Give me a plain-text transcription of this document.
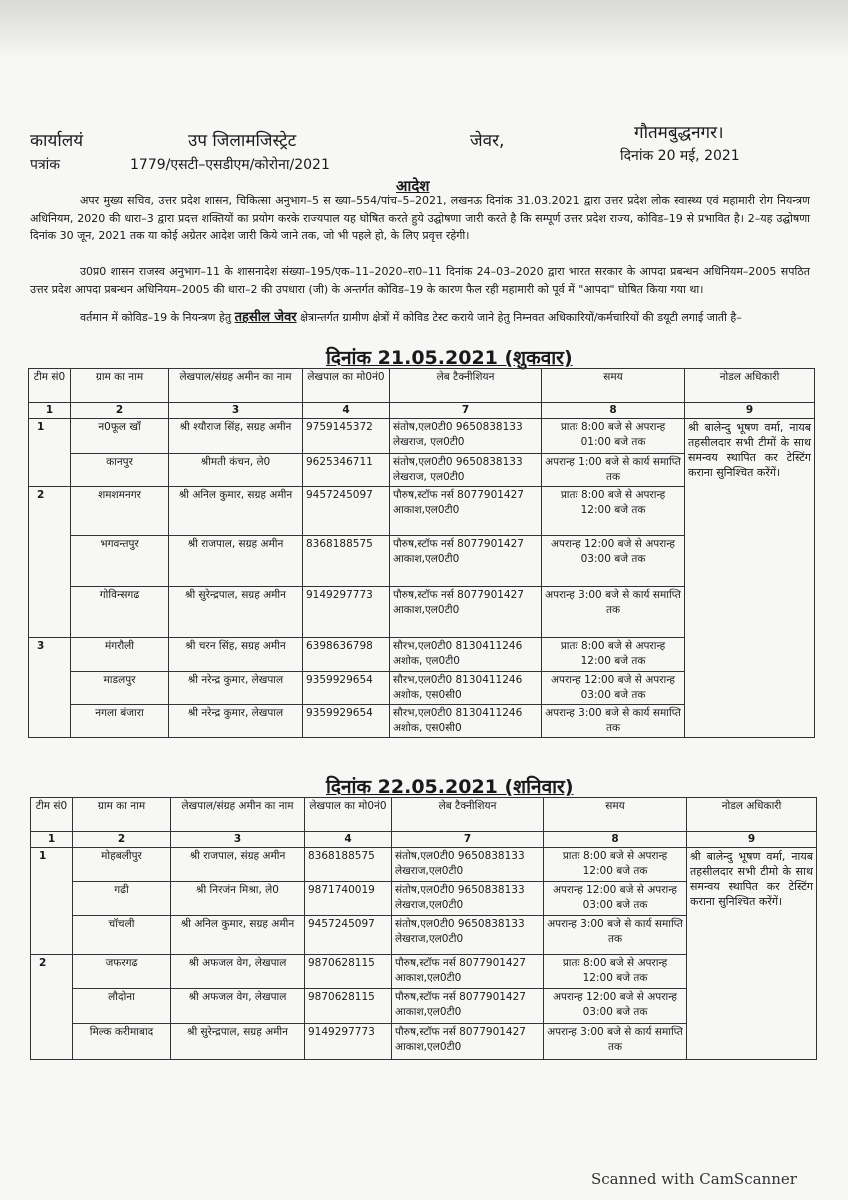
कार्यालयं	उप जिलामजिस्ट्रेट	जेवर,	गौतमबुद्धनगर।
पत्रांक	1779/एसटी–एसडीएम/कोरोना/2021
दिनांक 20 मई, 2021
आदेश
अपर मुख्य सचिव, उत्तर प्रदेश शासन, चिकित्सा अनुभाग–5 स ख्या–554/पांच–5–2021, लखनऊ दिनांक 31.03.2021 द्वारा उत्तर प्रदेश लोक स्वास्थ्य एवं महामारी रोग नियन्त्रण अधिनियम, 2020 की धारा–3 द्वारा प्रदत्त शक्तियों का प्रयोग करके राज्यपाल यह घोषित करते हुये उद्घोषणा जारी करते है कि सम्पूर्ण उत्तर प्रदेश राज्य, कोविड–19 से प्रभावित है। 2–यह उद्घोषणा दिनांक 30 जून, 2021 तक या कोई अग्रेतर आदेश जारी किये जाने तक, जो भी पहले हो, के लिए प्रवृत्त रहेगी।
उ0प्र0 शासन राजस्व अनुभाग–11 के शासनादेश संख्या–195/एक–11–2020–रा0–11 दिनांक 24–03–2020 द्वारा भारत सरकार के आपदा प्रबन्धन अधिनियम–2005 सपठित उत्तर प्रदेश आपदा प्रबन्धन अधिनियम–2005 की धारा–2 की उपधारा (जी) के अन्तर्गत कोविड–19 के कारण फैल रही महामारी को पूर्व में "आपदा" घोषित किया गया था।
वर्तमान में कोविड–19 के नियन्त्रण हेतु तहसील जेवर क्षेत्रान्तर्गत ग्रामीण क्षेत्रों में कोविड टेस्ट कराये जाने हेतु निम्नवत अधिकारियों/कर्मचारियों की डयूटी लगाई जाती है–
दिनांक 21.05.2021 (शुकवार)
टीम सं0	ग्राम का नाम	लेखपाल/संग्रह अमीन का नाम	लेखपाल का मो0नं0	लेब टैक्नीशियन	समय	नोडल अधिकारी
1	2	3	4	7	8	9
1	न0फूल खाँ	श्री श्यौराज सिंह, सग्रह अमीन	9759145372	संतोष,एल0टी0 9650838133 लेखराज, एल0टी0	प्रातः 8:00 बजे से अपरान्ह 01:00 बजे तक	श्री बालेन्दु भूषण वर्मा, नायब तहसीलदार सभी टीमों के साथ समन्वय स्थापित कर टेस्टिंग कराना सुनिश्चित करेंगें।
	कानपुर	श्रीमती कंचन, ले0	9625346711	संतोष,एल0टी0 9650838133 लेखराज, एल0टी0	अपरान्ह 1:00 बजे से कार्य समाप्ति तक	
2	शमशमनगर	श्री अनिल कुमार, सग्रह अमीन	9457245097	पौरुष,स्टॉफ नर्स 8077901427 आकाश,एल0टी0	प्रातः 8:00 बजे से अपरान्ह 12:00 बजे तक	
	भगवन्तपुर	श्री राजपाल, सग्रह अमीन	8368188575	पौरुष,स्टॉफ नर्स 8077901427 आकाश,एल0टी0	अपरान्ह 12:00 बजे से अपरान्ह 03:00 बजे तक	
	गोविन्सगढ	श्री सुरेन्द्रपाल, सग्रह अमीन	9149297773	पौरुष,स्टॉफ नर्स 8077901427 आकाश,एल0टी0	अपरान्ह 3:00 बजे से कार्य समाप्ति तक	
3	मंगरौली	श्री चरन सिंह, सग्रह अमीन	6398636798	सौरभ,एल0टी0 8130411246 अशोक, एल0टी0	प्रातः 8:00 बजे से अपरान्ह 12:00 बजे तक	
	माडलपुर	श्री नरेन्द्र कुमार, लेखपाल	9359929654	सौरभ,एल0टी0 8130411246 अशोक, एस0सी0	अपरान्ह 12:00 बजे से अपरान्ह 03:00 बजे तक	
	नगला बंजारा	श्री नरेन्द्र कुमार, लेखपाल	9359929654	सौरभ,एल0टी0 8130411246 अशोक, एस0सी0	अपरान्ह 3:00 बजे से कार्य समाप्ति तक	
दिनांक 22.05.2021 (शनिवार)
टीम सं0	ग्राम का नाम	लेखपाल/संग्रह अमीन का नाम	लेखपाल का मो0नं0	लेब टैक्नीशियन	समय	नोडल अधिकारी
1	2	3	4	7	8	9
1	मोहबलीपुर	श्री राजपाल, संग्रह अमीन	8368188575	संतोष,एल0टी0 9650838133 लेखराज,एल0टी0	प्रातः 8:00 बजे से अपरान्ह 12:00 बजे तक	श्री बालेन्दु भूषण वर्मा, नायब तहसीलदार सभी टीमो के साथ समन्वय स्थापित कर टेस्टिंग कराना सुनिश्चित करेंगें।
	गढी	श्री निरजंन मिश्रा, ले0	9871740019	संतोष,एल0टी0 9650838133 लेखराज,एल0टी0	अपरान्ह 12:00 बजे से अपरान्ह 03:00 बजे तक	
	चॉचली	श्री अनिल कुमार, सग्रह अमीन	9457245097	संतोष,एल0टी0 9650838133 लेखराज,एल0टी0	अपरान्ह 3:00 बजे से कार्य समाप्ति तक	
2	जफरगढ	श्री अफजल वेग, लेखपाल	9870628115	पौरुष,स्टॉफ नर्स 8077901427 आकाश,एल0टी0	प्रातः 8:00 बजे से अपरान्ह 12:00 बजे तक	
	लौदोना	श्री अफजल वेग, लेखपाल	9870628115	पौरुष,स्टॉफ नर्स 8077901427 आकाश,एल0टी0	अपरान्ह 12:00 बजे से अपरान्ह 03:00 बजे तक	
	मिल्क करीमाबाद	श्री सुरेन्द्रपाल, सग्रह अमीन	9149297773	पौरुष,स्टॉफ नर्स 8077901427 आकाश,एल0टी0	अपरान्ह 3:00 बजे से कार्य समाप्ति तक	
Scanned with CamScanner
